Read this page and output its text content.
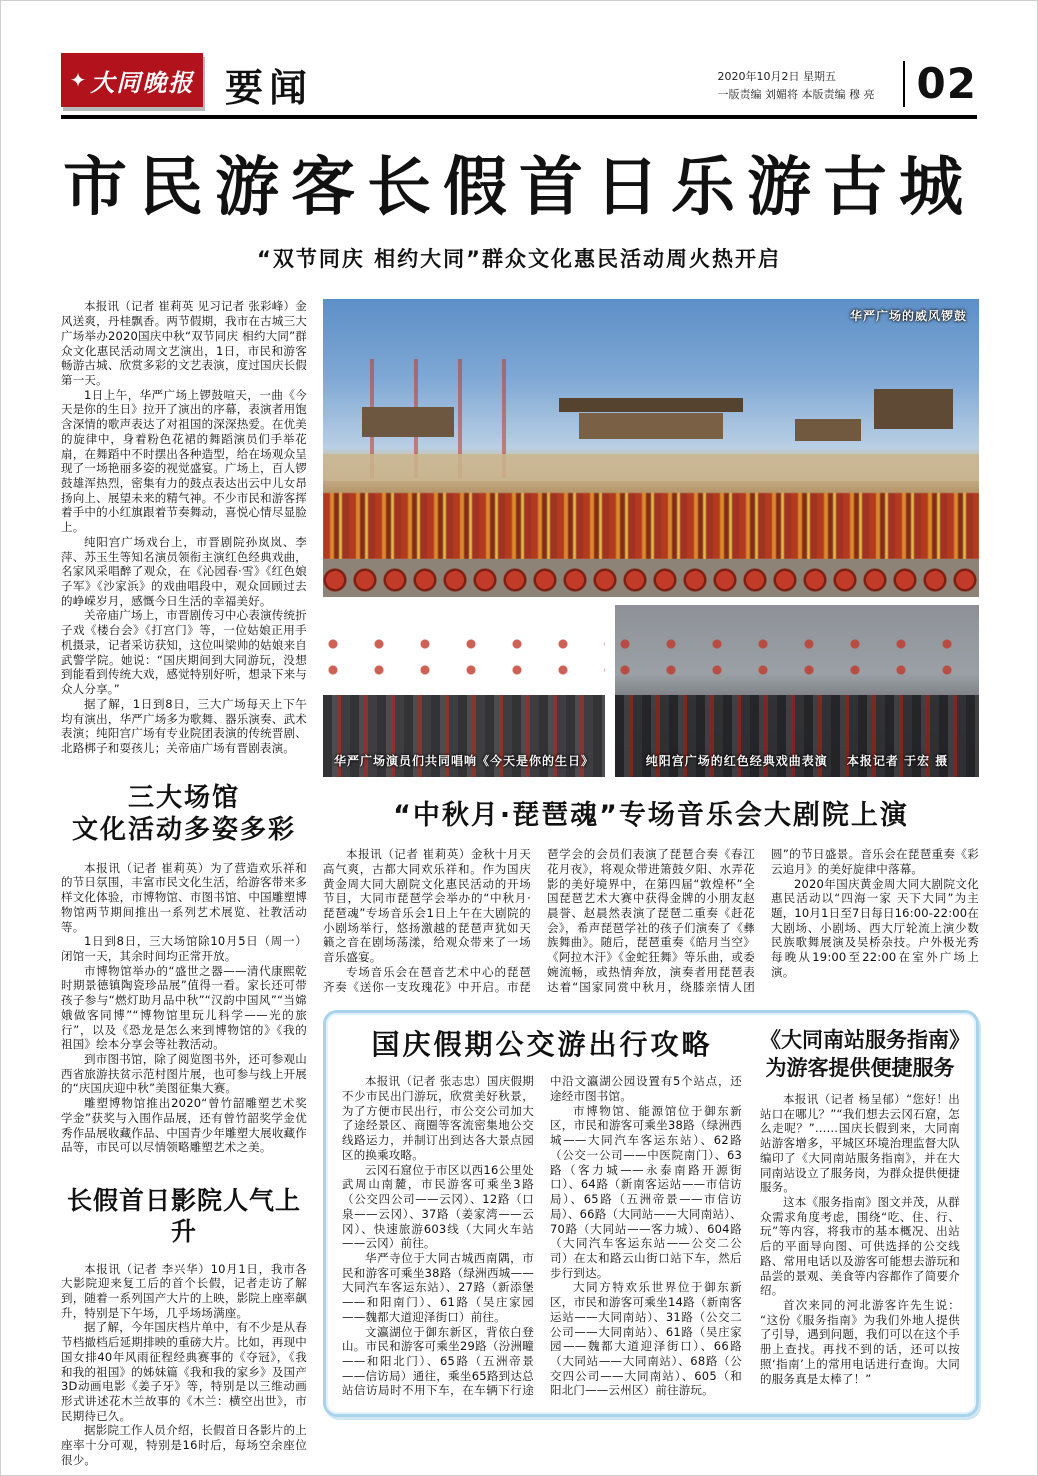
✦ 大同晚报 要闻	2020年10月2日 星期五
一版责编 刘媚将 本版责编 穆 亮 02
市民游客长假首日乐游古城
“双节同庆 相约大同”群众文化惠民活动周火热开启

本报讯（记者 崔莉英 见习记者 张彩峰）金风送爽，丹桂飘香。两节假期，我市在古城三大广场举办2020国庆中秋“双节同庆 相约大同”群众文化惠民活动周文艺演出，1日，市民和游客畅游古城、欣赏多彩的文艺表演，度过国庆长假第一天。

1日上午，华严广场上锣鼓喧天，一曲《今天是你的生日》拉开了演出的序幕，表演者用饱含深情的歌声表达了对祖国的深深热爱。在优美的旋律中，身着粉色花裙的舞蹈演员们手举花扇，在舞蹈中不时摆出各种造型，给在场观众呈现了一场艳丽多姿的视觉盛宴。广场上，百人锣鼓雄浑热烈，密集有力的鼓点表达出云中儿女昂扬向上、展望未来的精气神。不少市民和游客挥着手中的小红旗跟着节奏舞动，喜悦心情尽显脸上。

纯阳宫广场戏台上，市晋剧院孙岚岚、李萍、苏玉生等知名演员领衔主演红色经典戏曲，名家风采唱醉了观众，在《沁园春·雪》《红色娘子军》《沙家浜》的戏曲唱段中，观众回顾过去的峥嵘岁月，感慨今日生活的幸福美好。

关帝庙广场上，市晋剧传习中心表演传统折子戏《楼台会》《打宫门》等，一位姑娘正用手机摄录，记者采访获知，这位叫梁帅的姑娘来自武警学院。她说：“国庆期间到大同游玩，没想到能看到传统大戏，感觉特别好听，想录下来与众人分享。”

据了解，1日到8日，三大广场每天上下午均有演出，华严广场多为歌舞、器乐演奏、武术表演；纯阳宫广场有专业院团表演的传统晋剧、北路梆子和耍孩儿；关帝庙广场有晋剧表演。

三大场馆
文化活动多姿多彩

本报讯（记者 崔莉英）为了营造欢乐祥和的节日氛围，丰富市民文化生活，给游客带来多样文化体验，市博物馆、市图书馆、中国雕塑博物馆两节期间推出一系列艺术展览、社教活动等。

1日到8日，三大场馆除10月5日（周一）闭馆一天，其余时间均正常开放。

市博物馆举办的“盛世之器——清代康熙乾时期景德镇陶瓷珍品展”值得一看。家长还可带孩子参与“燃灯助月品中秋”“汉韵中国风”“当嫦娥做客同博”“博物馆里玩儿科学——光的旅行”，以及《恐龙是怎么来到博物馆的》《我的祖国》绘本分享会等社教活动。

到市图书馆，除了阅览图书外，还可参观山西省旅游扶贫示范村图片展，也可参与线上开展的“庆国庆迎中秋”美图征集大赛。

雕塑博物馆推出2020“曾竹韶雕塑艺术奖学金”获奖与入围作品展，还有曾竹韶奖学金优秀作品展收藏作品、中国青少年雕塑大展收藏作品等，市民可以尽情领略雕塑艺术之美。

长假首日影院人气上升

本报讯（记者 李兴华）10月1日，我市各大影院迎来复工后的首个长假，记者走访了解到，随着一系列国产大片的上映，影院上座率飙升，特别是下午场，几乎场场满座。

据了解，今年国庆档片单中，有不少是从春节档撤档后延期排映的重磅大片。比如，再现中国女排40年风雨征程经典赛事的《夺冠》，《我和我的祖国》的姊妹篇《我和我的家乡》及国产3D动画电影《姜子牙》等，特别是以三维动画形式讲述花木兰故事的《木兰：横空出世》，市民期待已久。

据影院工作人员介绍，长假首日各影片的上座率十分可观，特别是16时后，每场空余座位很少。

华严广场的威风锣鼓
华严广场演员们共同唱响《今天是你的生日》	纯阳宫广场的红色经典戏曲表演 本报记者 于宏 摄
“中秋月·琵琶魂”专场音乐会大剧院上演

本报讯（记者 崔莉英）金秋十月天高气爽，古都大同欢乐祥和。作为国庆黄金周大同大剧院文化惠民活动的开场节目，大同市琵琶学会举办的“中秋月·琵琶魂”专场音乐会1日上午在大剧院的小剧场举行，悠扬激越的琵琶声犹如天籁之音在剧场荡漾，给观众带来了一场音乐盛宴。

专场音乐会在琶音艺术中心的琵琶齐奏《送你一支玫瑰花》中开启。市琵琶学会的会员们表演了琵琶合奏《春江花月夜》，将观众带进箫鼓夕阳、水弄花影的美好境界中，在第四届“敦煌杯”全国琵琶艺术大赛中获得金牌的小朋友赵晨誉、赵晨然表演了琵琶二重奏《赶花会》，希声琵琶学社的孩子们演奏了《彝族舞曲》。随后，琵琶重奏《皓月当空》《阿拉木汗》《金蛇狂舞》等乐曲，或委婉流畅，或热情奔放，演奏者用琵琶表达着“国家同赏中秋月，绕膝亲情人团圆”的节日盛景。音乐会在琵琶重奏《彩云追月》的美好旋律中落幕。

2020年国庆黄金周大同大剧院文化惠民活动以“四海一家 天下大同”为主题，10月1日至7日每日16:00-22:00在大剧场、小剧场、西大厅轮流上演少数民族歌舞展演及吴桥杂技。户外极光秀每晚从19:00至22:00在室外广场上演。

国庆假期公交游出行攻略

本报讯（记者 张志忠）国庆假期不少市民出门游玩，欣赏美好秋景，为了方便市民出行，市公交公司加大了途经景区、商圈等客流密集地公交线路运力，并制订出到达各大景点园区的换乘攻略。

云冈石窟位于市区以西16公里处武周山南麓，市民游客可乘坐3路（公交四公司——云冈）、12路（口泉——云冈）、37路（姜家湾——云冈）、快速旅游603线（大同火车站——云冈）前往。

华严寺位于大同古城西南隅，市民和游客可乘坐38路（绿洲西城——大同汽车客运东站）、27路（新添堡——和阳南门）、61路（吴庄家园——魏都大道迎泽街口）前往。

文瀛湖位于御东新区，背依白登山。市民和游客可乘坐29路（汾洲疃——和阳北门）、65路（五洲帝景——信访局）通往，乘坐65路到达总站信访局时不用下车，在车辆下行途中沿文瀛湖公园设置有5个站点，还途经市图书馆。

市博物馆、能源馆位于御东新区，市民和游客可乘坐38路（绿洲西城——大同汽车客运东站）、62路（公交一公司——中医院南门）、63路（客力城——永泰南路开源街口）、64路（新南客运站——市信访局）、65路（五洲帝景——市信访局）、66路（大同站——大同南站）、70路（大同站——客力城）、604路（大同汽车客运东站——公交二公司）在太和路云山街口站下车，然后步行到达。

大同方特欢乐世界位于御东新区，市民和游客可乘坐14路（新南客运站——大同南站）、31路（公交二公司——大同南站）、61路（吴庄家园——魏都大道迎泽街口）、66路（大同站——大同南站）、68路（公交四公司——大同南站）、605（和阳北门——云州区）前往游玩。

《大同南站服务指南》
为游客提供便捷服务

本报讯（记者 杨呈郁）“您好！出站口在哪儿？”“我们想去云冈石窟，怎么走呢？”……国庆长假到来，大同南站游客增多，平城区环境治理监督大队编印了《大同南站服务指南》，并在大同南站设立了服务岗，为群众提供便捷服务。

这本《服务指南》图文并茂，从群众需求角度考虑，围绕“吃、住、行、玩”等内容，将我市的基本概况、出站后的平面导向图、可供选择的公交线路、常用电话以及游客可能想去游玩和品尝的景观、美食等内容都作了简要介绍。

首次来同的河北游客许先生说：“这份《服务指南》为我们外地人提供了引导，遇到问题，我们可以在这个手册上查找。再找不到的话，还可以按照‘指南’上的常用电话进行查询。大同的服务真是太棒了！”
